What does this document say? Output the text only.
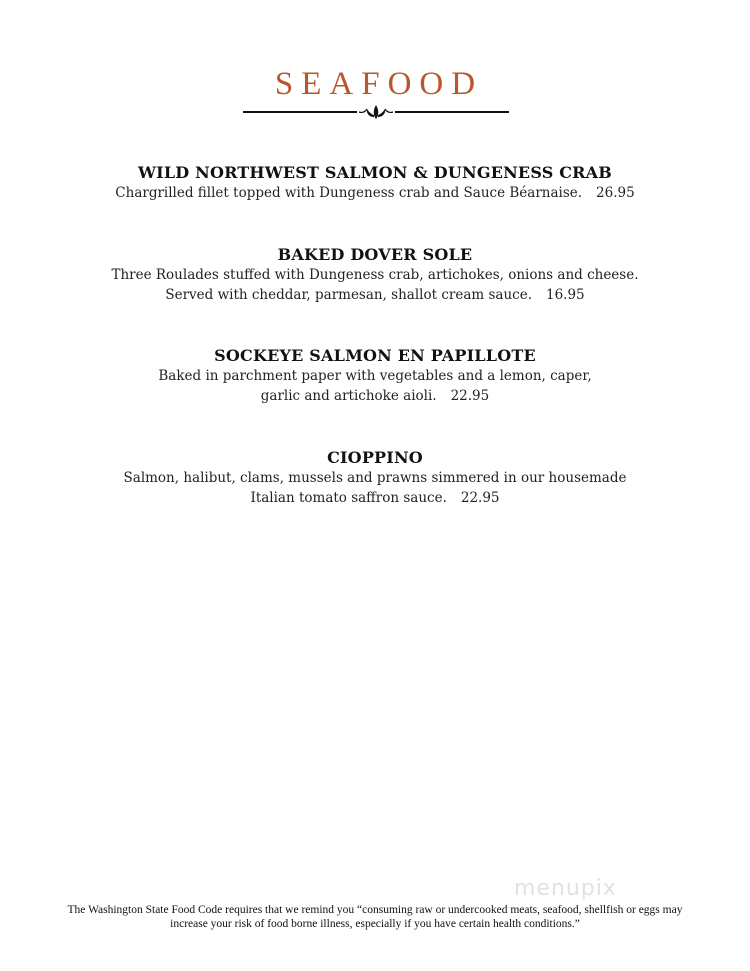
SEAFOOD
WILD NORTHWEST SALMON & DUNGENESS CRAB
Chargrilled fillet topped with Dungeness crab and Sauce Béarnaise. 26.95
BAKED DOVER SOLE
Three Roulades stuffed with Dungeness crab, artichokes, onions and cheese.
Served with cheddar, parmesan, shallot cream sauce. 16.95
SOCKEYE SALMON EN PAPILLOTE
Baked in parchment paper with vegetables and a lemon, caper,
garlic and artichoke aioli. 22.95
CIOPPINO
Salmon, halibut, clams, mussels and prawns simmered in our housemade
Italian tomato saffron sauce. 22.95
menupix
The Washington State Food Code requires that we remind you “consuming raw or undercooked meats, seafood, shellfish or eggs may
increase your risk of food borne illness, especially if you have certain health conditions.”
